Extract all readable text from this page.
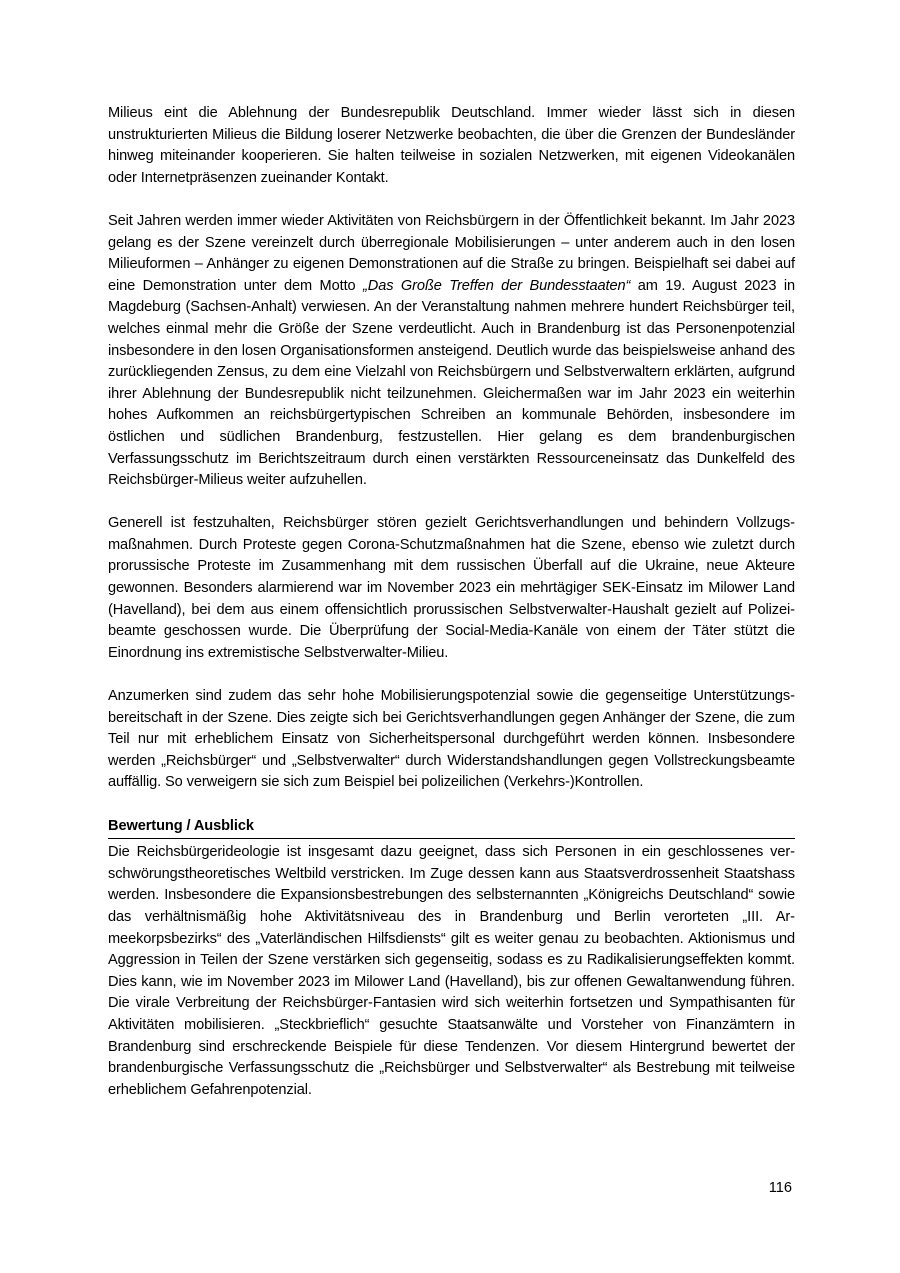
Milieus eint die Ablehnung der Bundesrepublik Deutschland. Immer wieder lässt sich in diesen unstrukturierten Milieus die Bildung loserer Netzwerke beobachten, die über die Grenzen der Bundesländer hinweg miteinander kooperieren. Sie halten teilweise in sozialen Netzwerken, mit eigenen Videokanälen oder Internetpräsenzen zueinander Kontakt.

Seit Jahren werden immer wieder Aktivitäten von Reichsbürgern in der Öffentlichkeit bekannt. Im Jahr 2023 gelang es der Szene vereinzelt durch überregionale Mobilisierungen – unter anderem auch in den losen Milieuformen – Anhänger zu eigenen Demonstrationen auf die Straße zu bringen. Beispielhaft sei dabei auf eine Demonstration unter dem Motto „Das Große Treffen der Bundesstaaten“ am 19. August 2023 in Magdeburg (Sachsen-Anhalt) verwiesen. An der Veranstaltung nahmen mehrere hundert Reichsbürger teil, welches einmal mehr die Größe der Szene verdeutlicht. Auch in Brandenburg ist das Personenpotenzial insbesondere in den losen Organisationsformen ansteigend. Deutlich wurde das beispielsweise anhand des zurückliegenden Zensus, zu dem eine Vielzahl von Reichsbürgern und Selbstverwaltern erklärten, aufgrund ihrer Ablehnung der Bundesrepublik nicht teilzunehmen. Gleichermaßen war im Jahr 2023 ein weiterhin hohes Aufkommen an reichsbürgertypischen Schreiben an kommunale Behörden, insbesondere im östlichen und südlichen Brandenburg, festzustellen. Hier gelang es dem brandenburgischen Verfassungsschutz im Berichtszeitraum durch einen verstärkten Ressourceneinsatz das Dunkelfeld des Reichsbürger-Milieus weiter aufzuhellen.

Generell ist festzuhalten, Reichsbürger stören gezielt Gerichtsverhandlungen und behindern Vollzugsmaßnahmen. Durch Proteste gegen Corona-Schutzmaßnahmen hat die Szene, ebenso wie zuletzt durch prorussische Proteste im Zusammenhang mit dem russischen Überfall auf die Ukraine, neue Akteure gewonnen. Besonders alarmierend war im November 2023 ein mehrtägiger SEK-Einsatz im Milower Land (Havelland), bei dem aus einem offensichtlich prorussischen Selbstverwalter-Haushalt gezielt auf Polizeibeamte geschossen wurde. Die Überprüfung der Social-Media-Kanäle von einem der Täter stützt die Einordnung ins extremistische Selbstverwalter-Milieu.

Anzumerken sind zudem das sehr hohe Mobilisierungspotenzial sowie die gegenseitige Unterstützungsbereitschaft in der Szene. Dies zeigte sich bei Gerichtsverhandlungen gegen Anhänger der Szene, die zum Teil nur mit erheblichem Einsatz von Sicherheitspersonal durchgeführt werden können. Insbesondere werden „Reichsbürger“ und „Selbstverwalter“ durch Widerstandshandlungen gegen Vollstreckungsbeamte auffällig. So verweigern sie sich zum Beispiel bei polizeilichen (Verkehrs-)Kontrollen.

Bewertung / Ausblick

Die Reichsbürgerideologie ist insgesamt dazu geeignet, dass sich Personen in ein geschlossenes verschwörungstheoretisches Weltbild verstricken. Im Zuge dessen kann aus Staatsverdrossenheit Staatshass werden. Insbesondere die Expansionsbestrebungen des selbsternannten „Königreichs Deutschland“ sowie das verhältnismäßig hohe Aktivitätsniveau des in Brandenburg und Berlin verorteten „III. Armeekorpsbezirks“ des „Vaterländischen Hilfsdiensts“ gilt es weiter genau zu beobachten. Aktionismus und Aggression in Teilen der Szene verstärken sich gegenseitig, sodass es zu Radikalisierungseffekten kommt. Dies kann, wie im November 2023 im Milower Land (Havelland), bis zur offenen Gewaltanwendung führen. Die virale Verbreitung der Reichsbürger-Fantasien wird sich weiterhin fortsetzen und Sympathisanten für Aktivitäten mobilisieren. „Steckbrieflich“ gesuchte Staatsanwälte und Vorsteher von Finanzämtern in Brandenburg sind erschreckende Beispiele für diese Tendenzen. Vor diesem Hintergrund bewertet der brandenburgische Verfassungsschutz die „Reichsbürger und Selbstverwalter“ als Bestrebung mit teilweise erheblichem Gefahrenpotenzial.

116
